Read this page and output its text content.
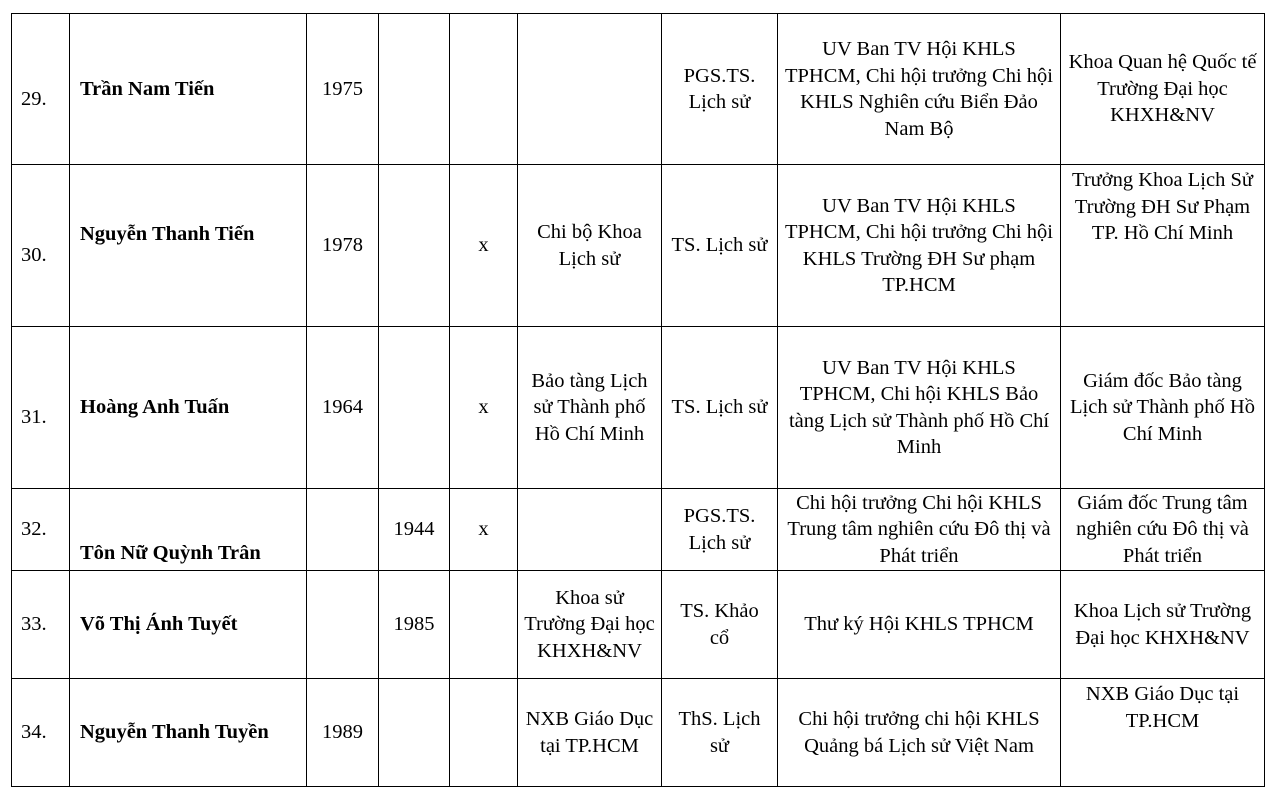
29.	Trần Nam Tiến	1975				PGS.TS. Lịch sử	UV Ban TV Hội KHLS TPHCM, Chi hội trưởng Chi hội KHLS Nghiên cứu Biển Đảo Nam Bộ	Khoa Quan hệ Quốc tế Trường Đại học KHXH&NV
30.	Nguyễn Thanh Tiến	1978		x	Chi bộ Khoa Lịch sử	TS. Lịch sử	UV Ban TV Hội KHLS TPHCM, Chi hội trưởng Chi hội KHLS Trường ĐH Sư phạm TP.HCM	Trưởng Khoa Lịch Sử Trường ĐH Sư Phạm TP. Hồ Chí Minh
31.	Hoàng Anh Tuấn	1964		x	Bảo tàng Lịch sử Thành phố Hồ Chí Minh	TS. Lịch sử	UV Ban TV Hội KHLS TPHCM, Chi hội KHLS Bảo tàng Lịch sử Thành phố Hồ Chí Minh	Giám đốc Bảo tàng Lịch sử Thành phố Hồ Chí Minh
32.	Tôn Nữ Quỳnh Trân		1944	x		PGS.TS. Lịch sử	Chi hội trưởng Chi hội KHLS Trung tâm nghiên cứu Đô thị và Phát triển	Giám đốc Trung tâm nghiên cứu Đô thị và Phát triển
33.	Võ Thị Ánh Tuyết		1985		Khoa sử Trường Đại học KHXH&NV	TS. Khảo cổ	Thư ký Hội KHLS TPHCM	Khoa Lịch sử Trường Đại học KHXH&NV
34.	Nguyễn Thanh Tuyền	1989			NXB Giáo Dục tại TP.HCM	ThS. Lịch sử	Chi hội trưởng chi hội KHLS Quảng bá Lịch sử Việt Nam	NXB Giáo Dục tại TP.HCM
